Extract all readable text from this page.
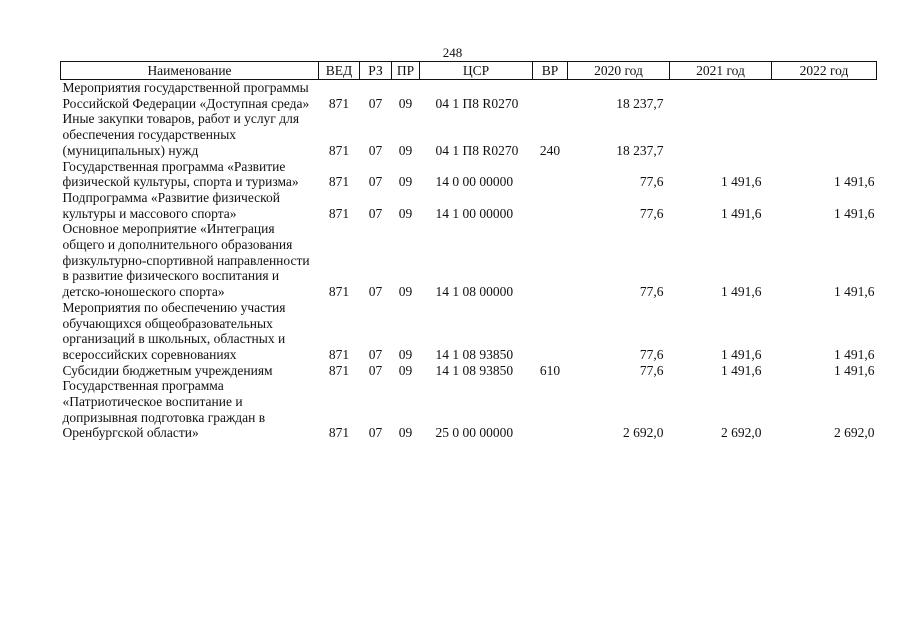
248
Наименование	ВЕД	РЗ	ПР	ЦСР	ВР	2020 год	2021 год	2022 год
Мероприятия государственной программы Российской Федерации «Доступная среда»	871	07	09	04 1 П8 R0270		18 237,7		
Иные закупки товаров, работ и услуг для обеспечения государственных (муниципальных) нужд	871	07	09	04 1 П8 R0270	240	18 237,7		
Государственная программа «Развитие физической культуры, спорта и туризма»	871	07	09	14 0 00 00000		77,6	1 491,6	1 491,6
Подпрограмма «Развитие физической культуры и массового спорта»	871	07	09	14 1 00 00000		77,6	1 491,6	1 491,6
Основное мероприятие «Интеграция общего и дополнительного образования физкультурно-спортивной направленности в развитие физического воспитания и детско-юношеского спорта»	871	07	09	14 1 08 00000		77,6	1 491,6	1 491,6
Мероприятия по обеспечению участия обучающихся общеобразовательных организаций в школьных, областных и всероссийских соревнованиях	871	07	09	14 1 08 93850		77,6	1 491,6	1 491,6
Субсидии бюджетным учреждениям	871	07	09	14 1 08 93850	610	77,6	1 491,6	1 491,6
Государственная программа «Патриотическое воспитание и допризывная подготовка граждан в Оренбургской области»	871	07	09	25 0 00 00000		2 692,0	2 692,0	2 692,0
